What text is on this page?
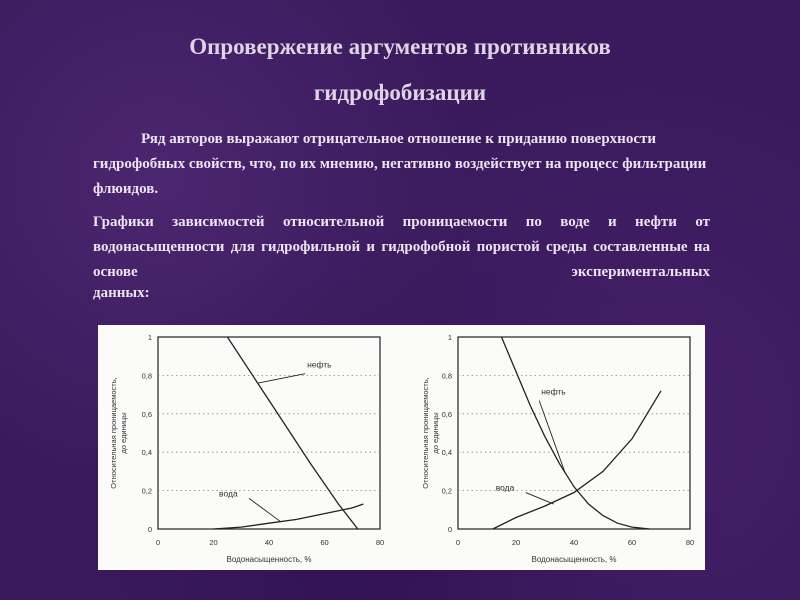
Опровержение аргументов противников
гидрофобизации
Ряд авторов выражают отрицательное отношение к приданию поверхности гидрофобных свойств, что, по их мнению, негативно воздействует на процесс фильтрации флюидов.
Графики зависимостей относительной проницаемости по воде и нефти от водонасыщенности для гидрофильной и гидрофобной пористой среды составленные на основе экспериментальных
данных:
0
0,2
0,4
0,6
0,8
1
0	20	40	60	80
Водонасыщенность, %
Относительная проницаемость,до единицы
нефть
вода
0
0,2
0,4
0,6
0,8
1
0	20	40	60	80
Водонасыщенность, %
Относительная проницаемость,до единицы
нефть
вода
